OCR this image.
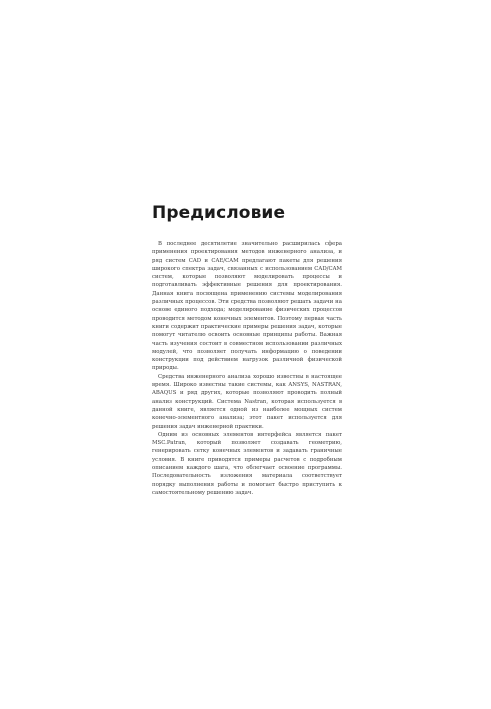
Предисловие

В последнее десятилетие значительно расширилась сфера применения проектирования методов инженерного анализа, и ряд систем CAD и CAE/CAM предлагают пакеты для решения широкого спектра задач, связанных с использованием CAD/CAM систем, которые позволяют моделировать процессы и подготавливать эффективные решения для проектирования. Данная книга посвящена применению системы моделирования различных процессов. Эти средства позволяют решать задачи на основе единого подхода; моделирование физических процессов проводится методом конечных элементов. Поэтому первая часть книги содержит практические примеры решения задач, которые помогут читателю освоить основные принципы работы. Важная часть изучения состоит в совместном использовании различных модулей, что позволяет получать информацию о поведении конструкции под действием нагрузок различной физической природы.

Средства инженерного анализа хорошо известны в настоящее время. Широко известны такие системы, как ANSYS, NASTRAN, ABAQUS и ряд других, которые позволяют проводить полный анализ конструкций. Система Nastran, которая используется в данной книге, является одной из наиболее мощных систем конечно-элементного анализа; этот пакет используется для решения задач инженерной практики.

Одним из основных элементов интерфейса является пакет MSC.Patran, который позволяет создавать геометрию, генерировать сетку конечных элементов и задавать граничные условия. В книге приводятся примеры расчетов с подробным описанием каждого шага, что облегчает освоение программы. Последовательность изложения материала соответствует порядку выполнения работы и помогает быстро приступить к самостоятельному решению задач.
